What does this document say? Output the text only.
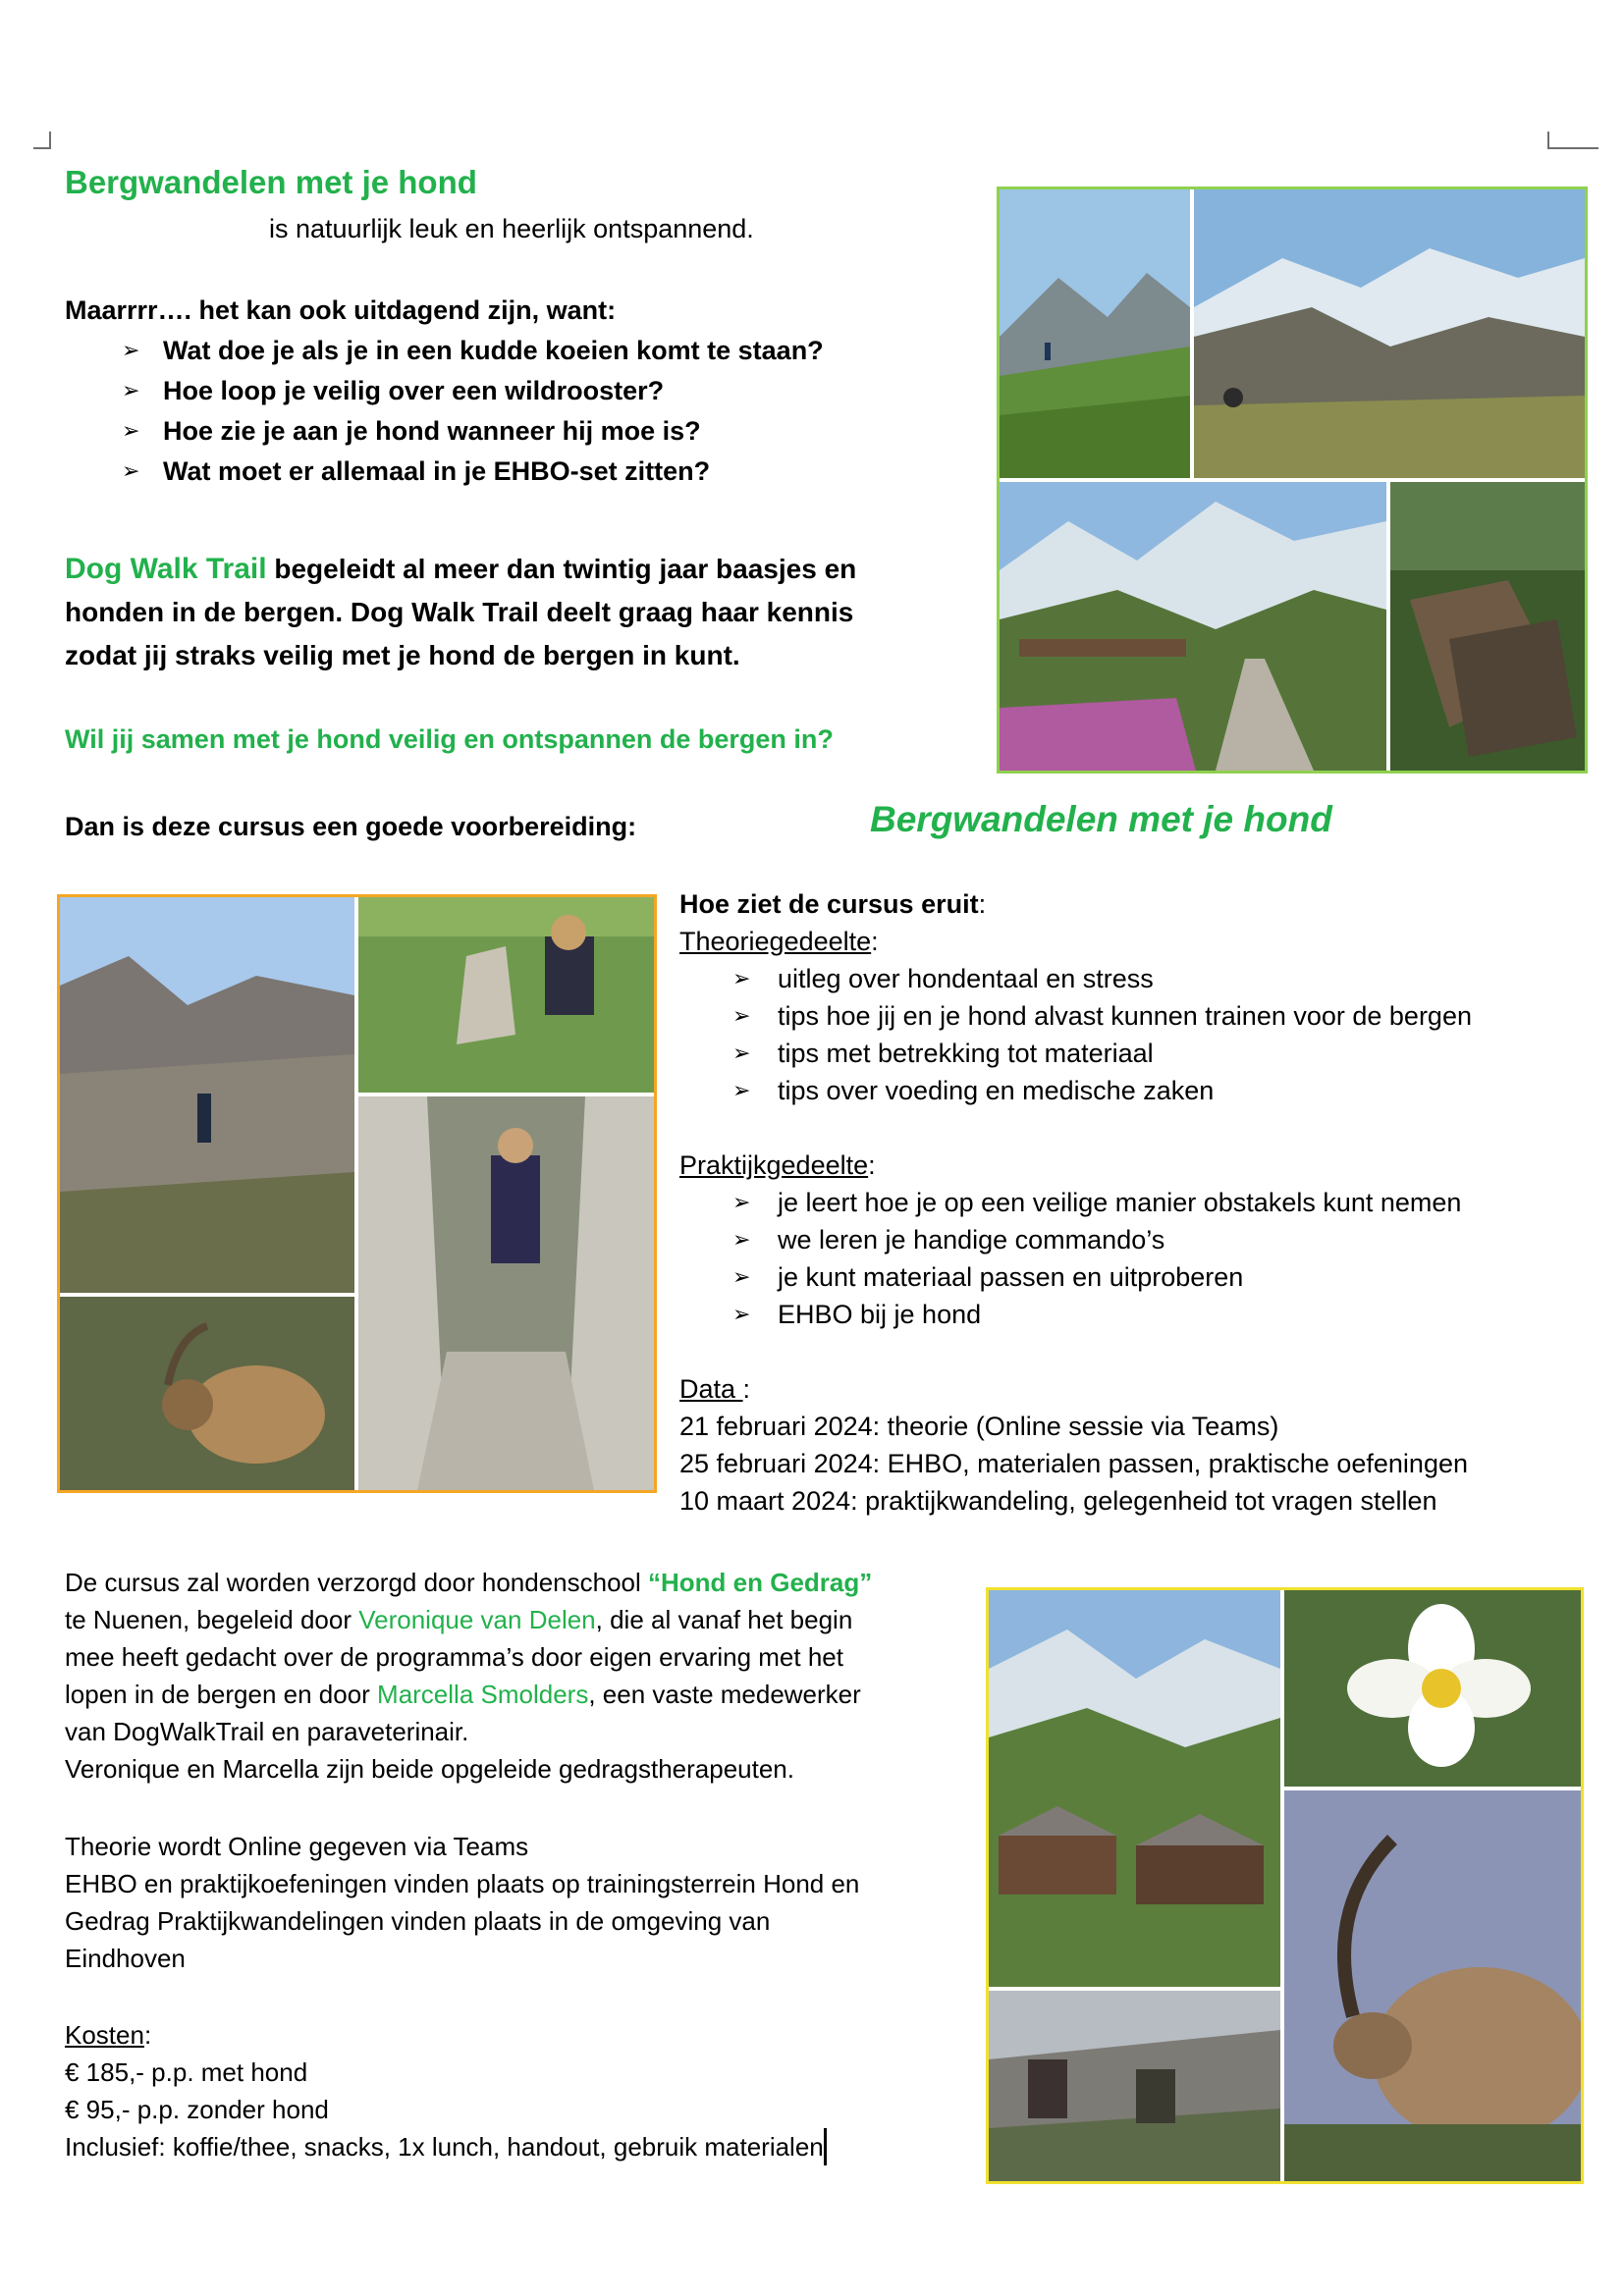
Bergwandelen met je hond
is natuurlijk leuk en heerlijk ontspannend.
Maarrrr…. het kan ook uitdagend zijn, want:
➢ Wat doe je als je in een kudde koeien komt te staan?
➢ Hoe loop je veilig over een wildrooster?
➢ Hoe zie je aan je hond wanneer hij moe is?
➢ Wat moet er allemaal in je EHBO-set zitten?
Dog Walk Trail begeleidt al meer dan twintig jaar baasjes en
honden in de bergen. Dog Walk Trail deelt graag haar kennis
zodat jij straks veilig met je hond de bergen in kunt.
Wil jij samen met je hond veilig en ontspannen de bergen in?
Dan is deze cursus een goede voorbereiding:	Bergwandelen met je hond
Hoe ziet de cursus eruit:
Theoriegedeelte:
➢ uitleg over hondentaal en stress
➢ tips hoe jij en je hond alvast kunnen trainen voor de bergen
➢ tips met betrekking tot materiaal
➢ tips over voeding en medische zaken
Praktijkgedeelte:
➢ je leert hoe je op een veilige manier obstakels kunt nemen
➢ we leren je handige commando’s
➢ je kunt materiaal passen en uitproberen
➢ EHBO bij je hond
Data :
21 februari 2024: theorie (Online sessie via Teams)
25 februari 2024: EHBO, materialen passen, praktische oefeningen
10 maart 2024: praktijkwandeling, gelegenheid tot vragen stellen
De cursus zal worden verzorgd door hondenschool “Hond en Gedrag”
te Nuenen, begeleid door Veronique van Delen, die al vanaf het begin
mee heeft gedacht over de programma’s door eigen ervaring met het
lopen in de bergen en door Marcella Smolders, een vaste medewerker
van DogWalkTrail en paraveterinair.
Veronique en Marcella zijn beide opgeleide gedragstherapeuten.
Theorie wordt Online gegeven via Teams
EHBO en praktijkoefeningen vinden plaats op trainingsterrein Hond en
Gedrag Praktijkwandelingen vinden plaats in de omgeving van
Eindhoven
Kosten:
€ 185,- p.p. met hond
€ 95,- p.p. zonder hond
Inclusief: koffie/thee, snacks, 1x lunch, handout, gebruik materialen
